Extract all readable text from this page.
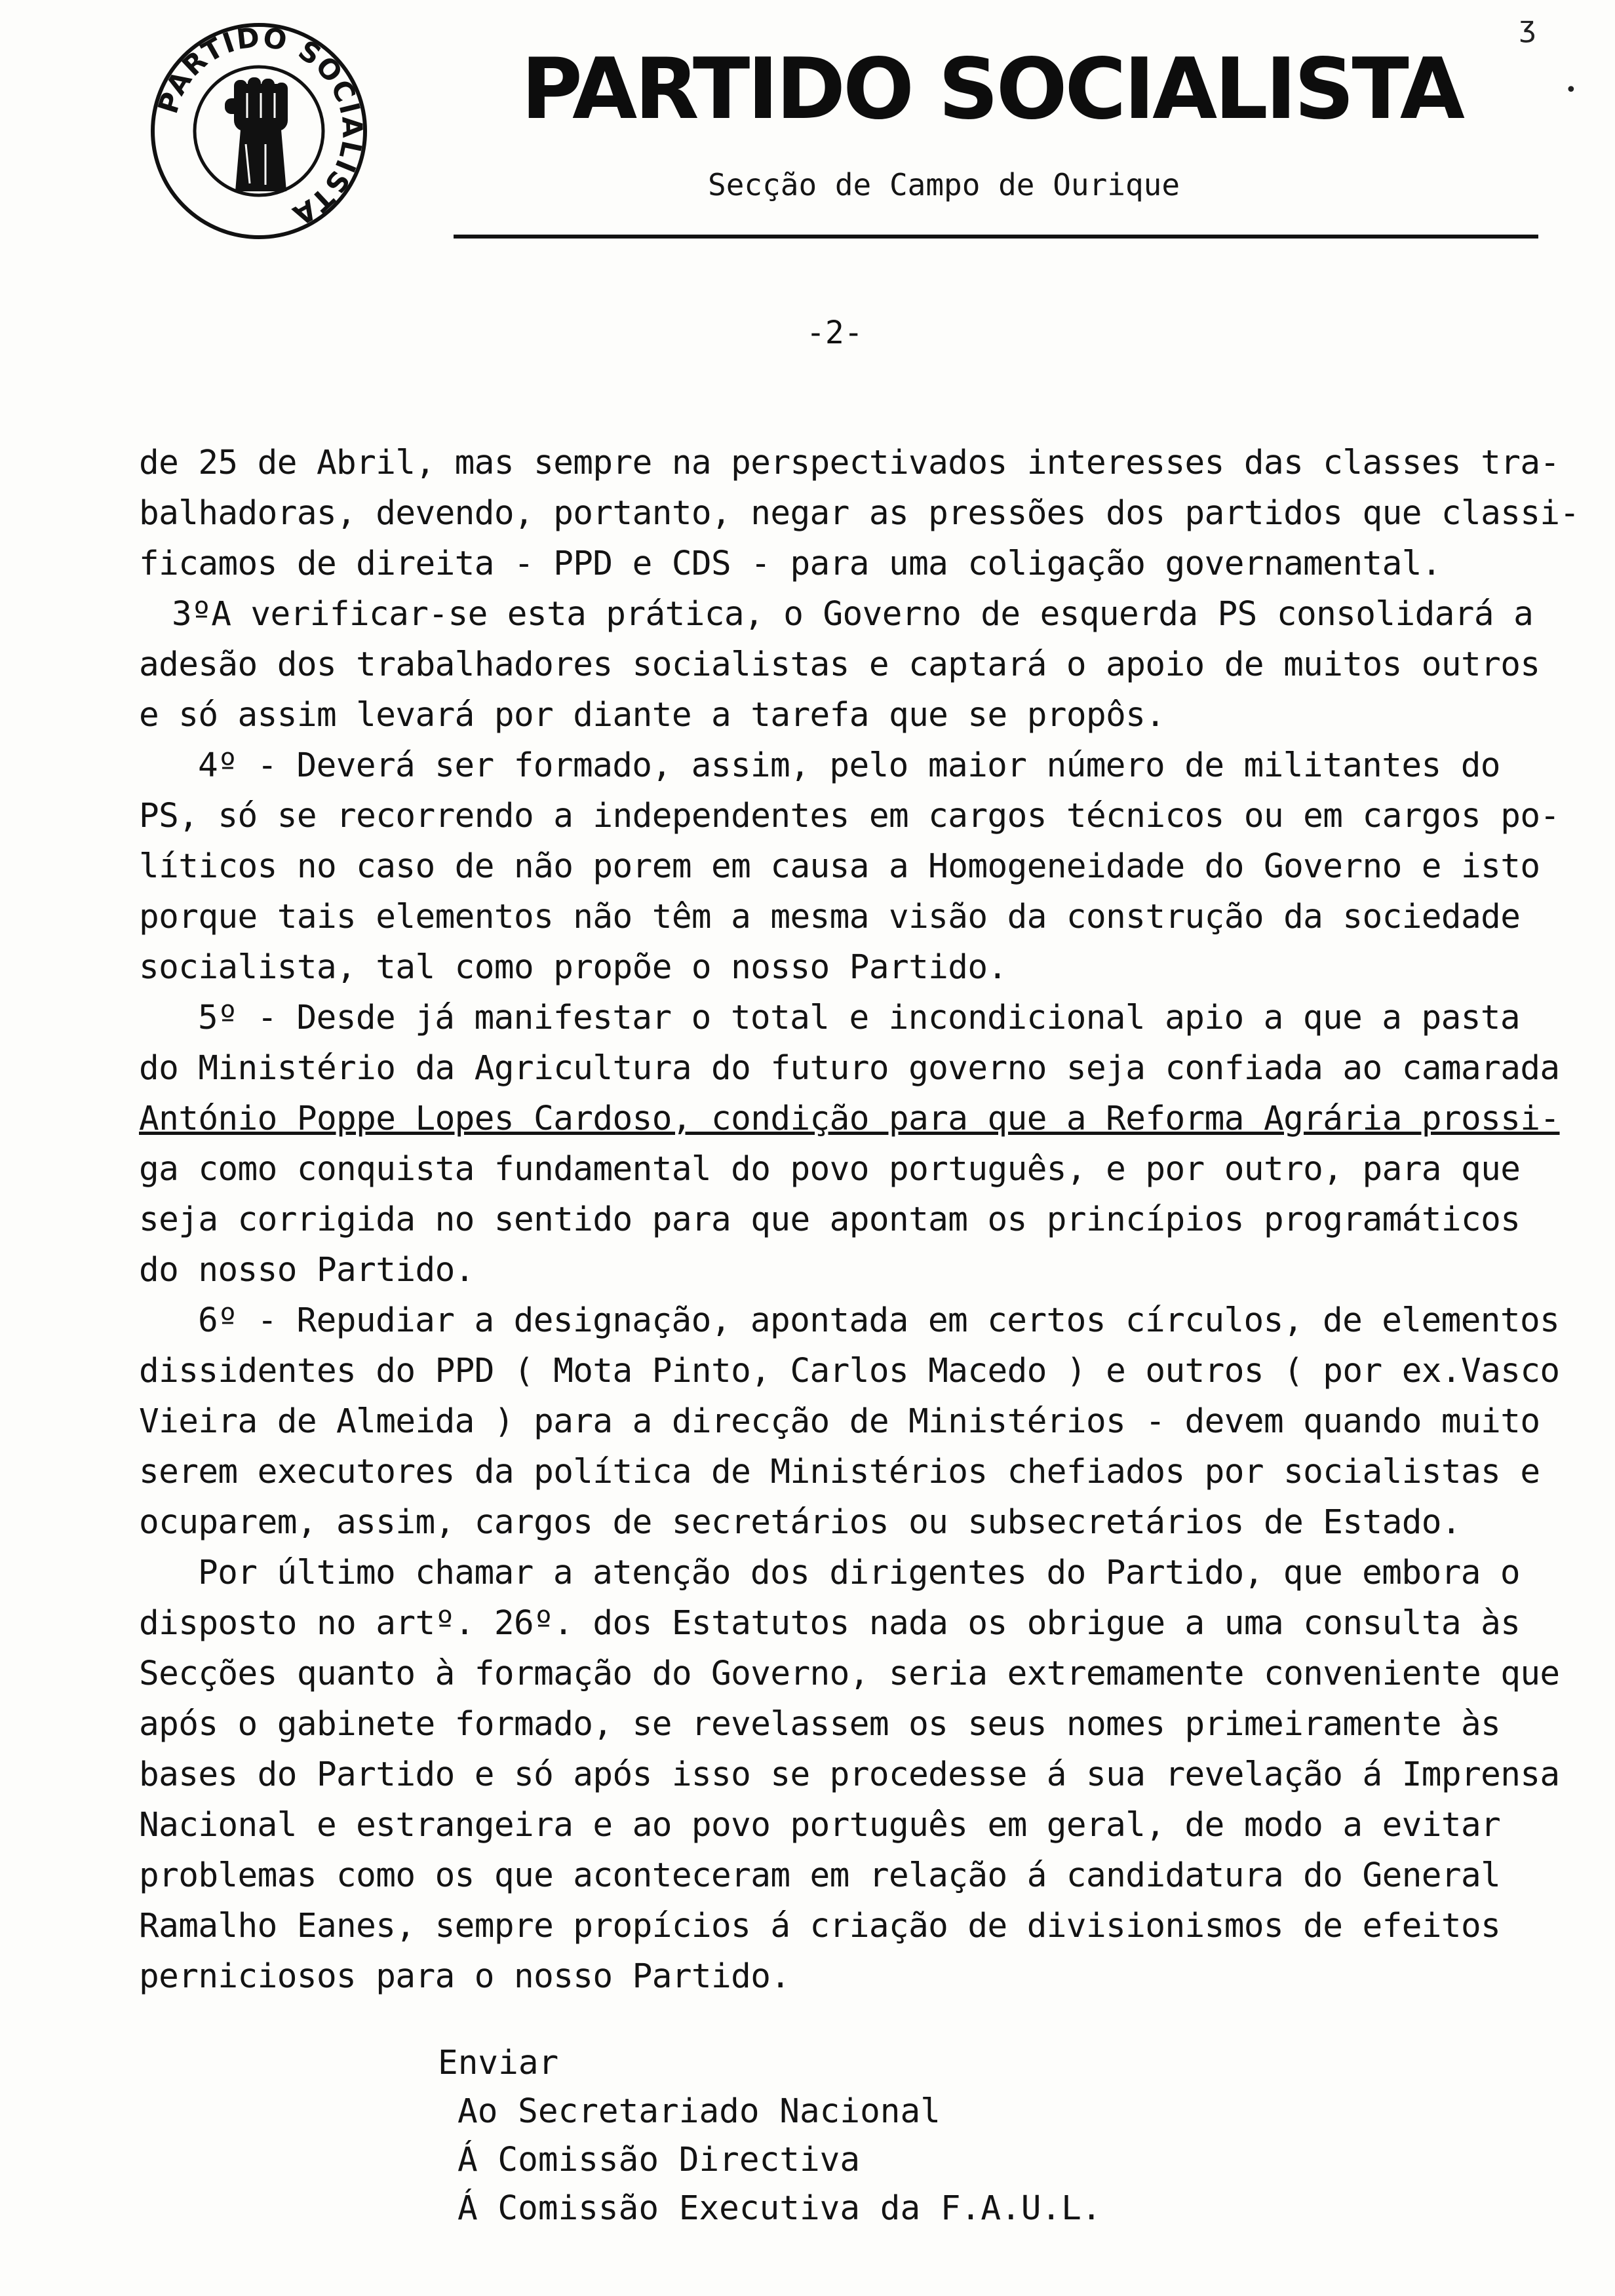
PARTIDO SOCIALISTA
PARTIDO SOCIALISTA
Secção de Campo de Ourique
ʒ
•
-2-
de 25 de Abril, mas sempre na perspectivados interesses das classes tra-
balhadoras, devendo, portanto, negar as pressões dos partidos que classi-
ficamos de direita - PPD e CDS - para uma coligação governamental.
3ºA verificar-se esta prática, o Governo de esquerda PS consolidará a
adesão dos trabalhadores socialistas e captará o apoio de muitos outros
e só assim levará por diante a tarefa que se propôs.
4º - Deverá ser formado, assim, pelo maior número de militantes do
PS, só se recorrendo a independentes em cargos técnicos ou em cargos po-
líticos no caso de não porem em causa a Homogeneidade do Governo e isto
porque tais elementos não têm a mesma visão da construção da sociedade
socialista, tal como propõe o nosso Partido.
5º - Desde já manifestar o total e incondicional apio a que a pasta
do Ministério da Agricultura do futuro governo seja confiada ao camarada
António Poppe Lopes Cardoso, condição para que a Reforma Agrária prossi-
ga como conquista fundamental do povo português, e por outro, para que
seja corrigida no sentido para que apontam os princípios programáticos
do nosso Partido.
6º - Repudiar a designação, apontada em certos círculos, de elementos
dissidentes do PPD ( Mota Pinto, Carlos Macedo ) e outros ( por ex.Vasco
Vieira de Almeida ) para a direcção de Ministérios - devem quando muito
serem executores da política de Ministérios chefiados por socialistas e
ocuparem, assim, cargos de secretários ou subsecretários de Estado.
Por último chamar a atenção dos dirigentes do Partido, que embora o
disposto no artº. 26º. dos Estatutos nada os obrigue a uma consulta às
Secções quanto à formação do Governo, seria extremamente conveniente que
após o gabinete formado, se revelassem os seus nomes primeiramente às
bases do Partido e só após isso se procedesse á sua revelação á Imprensa
Nacional e estrangeira e ao povo português em geral, de modo a evitar
problemas como os que aconteceram em relação á candidatura do General
Ramalho Eanes, sempre propícios á criação de divisionismos de efeitos
perniciosos para o nosso Partido.
Enviar
Ao Secretariado Nacional
Á Comissão Directiva
Á Comissão Executiva da F.A.U.L.
